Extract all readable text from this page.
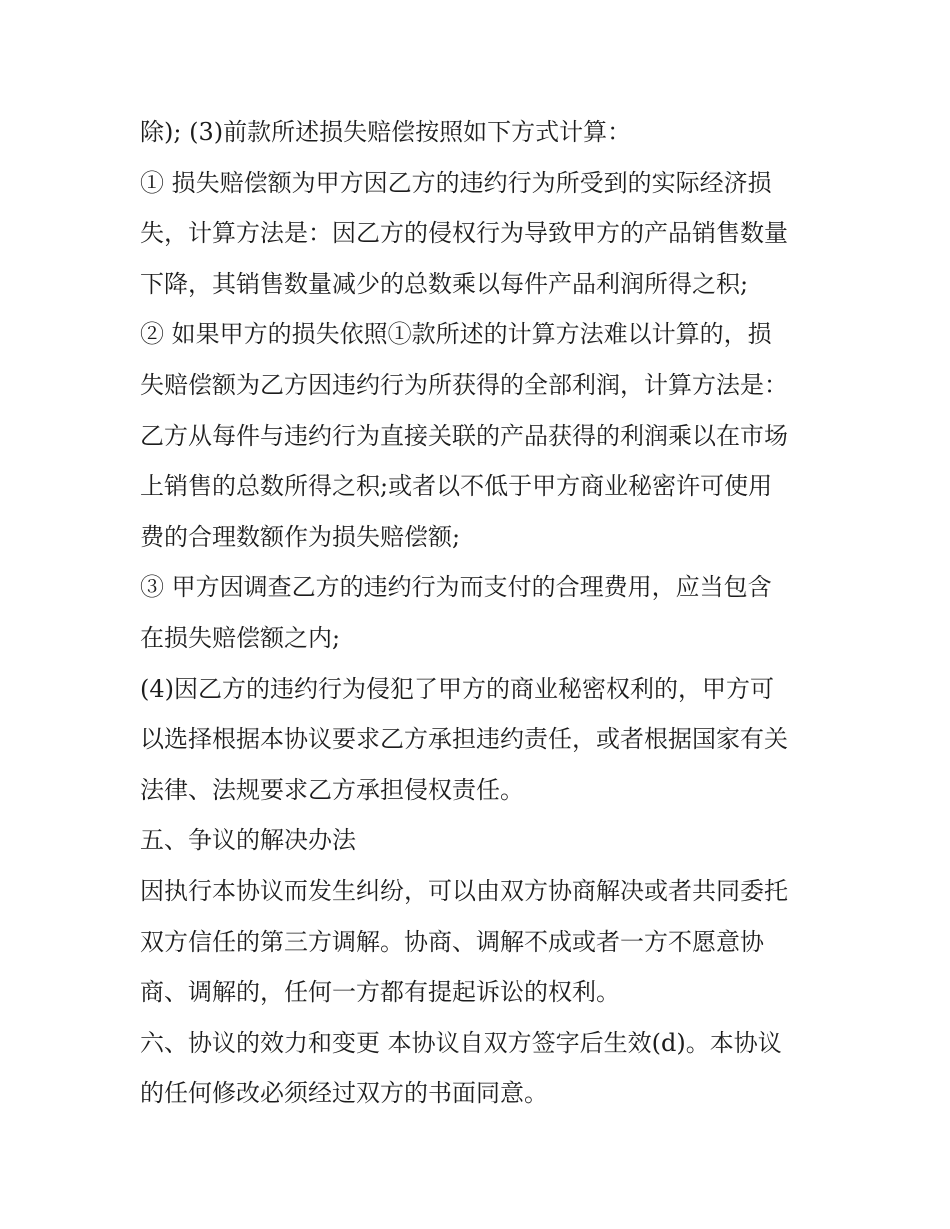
除); (3)前款所述损失赔偿按照如下方式计算：
① 损失赔偿额为甲方因乙方的违约行为所受到的实际经济损
失，计算方法是：因乙方的侵权行为导致甲方的产品销售数量
下降，其销售数量减少的总数乘以每件产品利润所得之积;
② 如果甲方的损失依照①款所述的计算方法难以计算的，损
失赔偿额为乙方因违约行为所获得的全部利润，计算方法是：
乙方从每件与违约行为直接关联的产品获得的利润乘以在市场
上销售的总数所得之积;或者以不低于甲方商业秘密许可使用
费的合理数额作为损失赔偿额;
③ 甲方因调查乙方的违约行为而支付的合理费用，应当包含
在损失赔偿额之内;
(4)因乙方的违约行为侵犯了甲方的商业秘密权利的，甲方可
以选择根据本协议要求乙方承担违约责任，或者根据国家有关
法律、法规要求乙方承担侵权责任。
五、争议的解决办法
因执行本协议而发生纠纷，可以由双方协商解决或者共同委托
双方信任的第三方调解。协商、调解不成或者一方不愿意协
商、调解的，任何一方都有提起诉讼的权利。
六、协议的效力和变更 本协议自双方签字后生效(d)。本协议
的任何修改必须经过双方的书面同意。
